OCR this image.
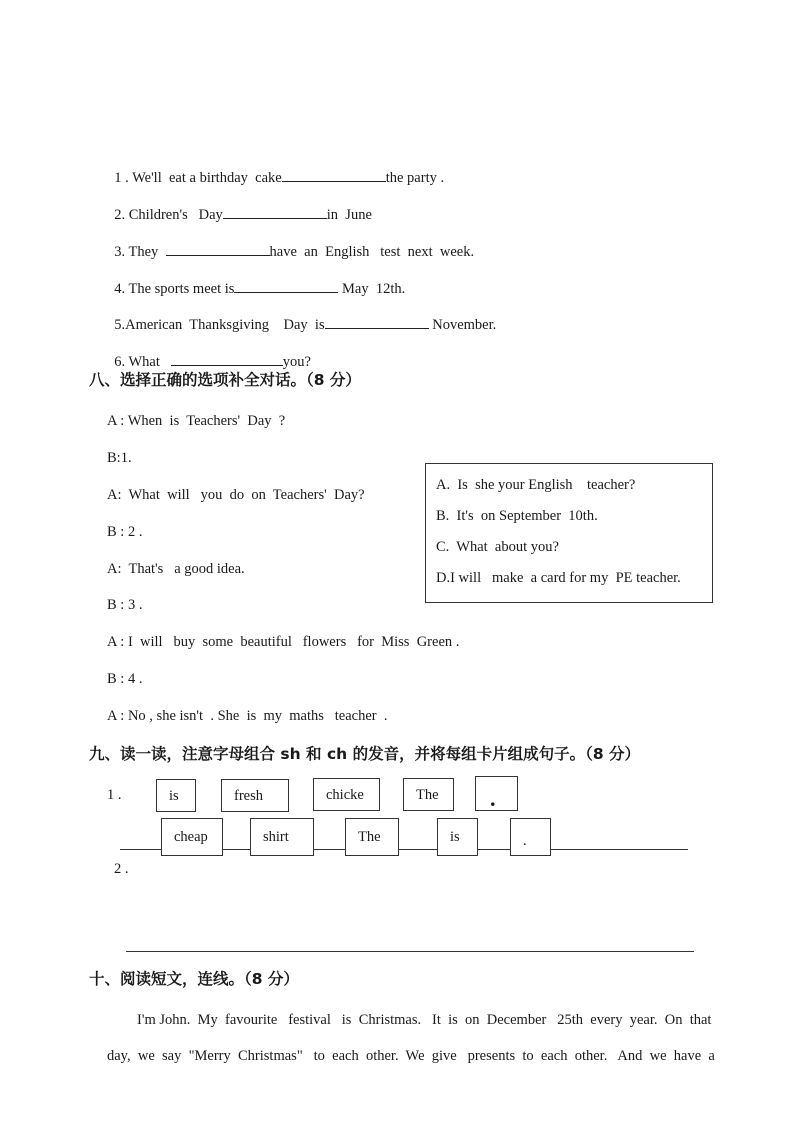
1 . We'll  eat a birthday  cake	the party .

2. Children's   Day	in  June

3. They	have  an  English   test  next  week.

4. The sports meet is	May  12th.

5.American  Thanksgiving    Day  is	November.

6. What	you?

八、选择正确的选项补全对话。（8 分）
A : When  is  Teachers'  Day  ?
B:1.
A:  What  will   you  do  on  Teachers'  Day?
B : 2 .
A:  That's   a good idea.
B : 3 .
A : I  will   buy  some  beautiful   flowers   for  Miss  Green .
B : 4 .
A : No , she isn't  . She  is  my  maths   teacher  .
A.  Is  she your English    teacher?
B.  It's  on September  10th.
C.  What  about you?
D.I will   make  a card for my  PE teacher.
九、读一读，注意字母组合 sh 和 ch 的发音，并将每组卡片组成句子。（8 分）
1 .	is	fresh	chicke	The	.
cheap	shirt	The	is	.
2 .
十、阅读短文，连线。（8 分）
I'm John.  My  favourite   festival   is  Christmas.   It  is  on  December   25th  every  year.  On  that
day,  we  say  "Merry  Christmas"   to  each  other.  We  give   presents  to  each  other.   And  we  have  a
